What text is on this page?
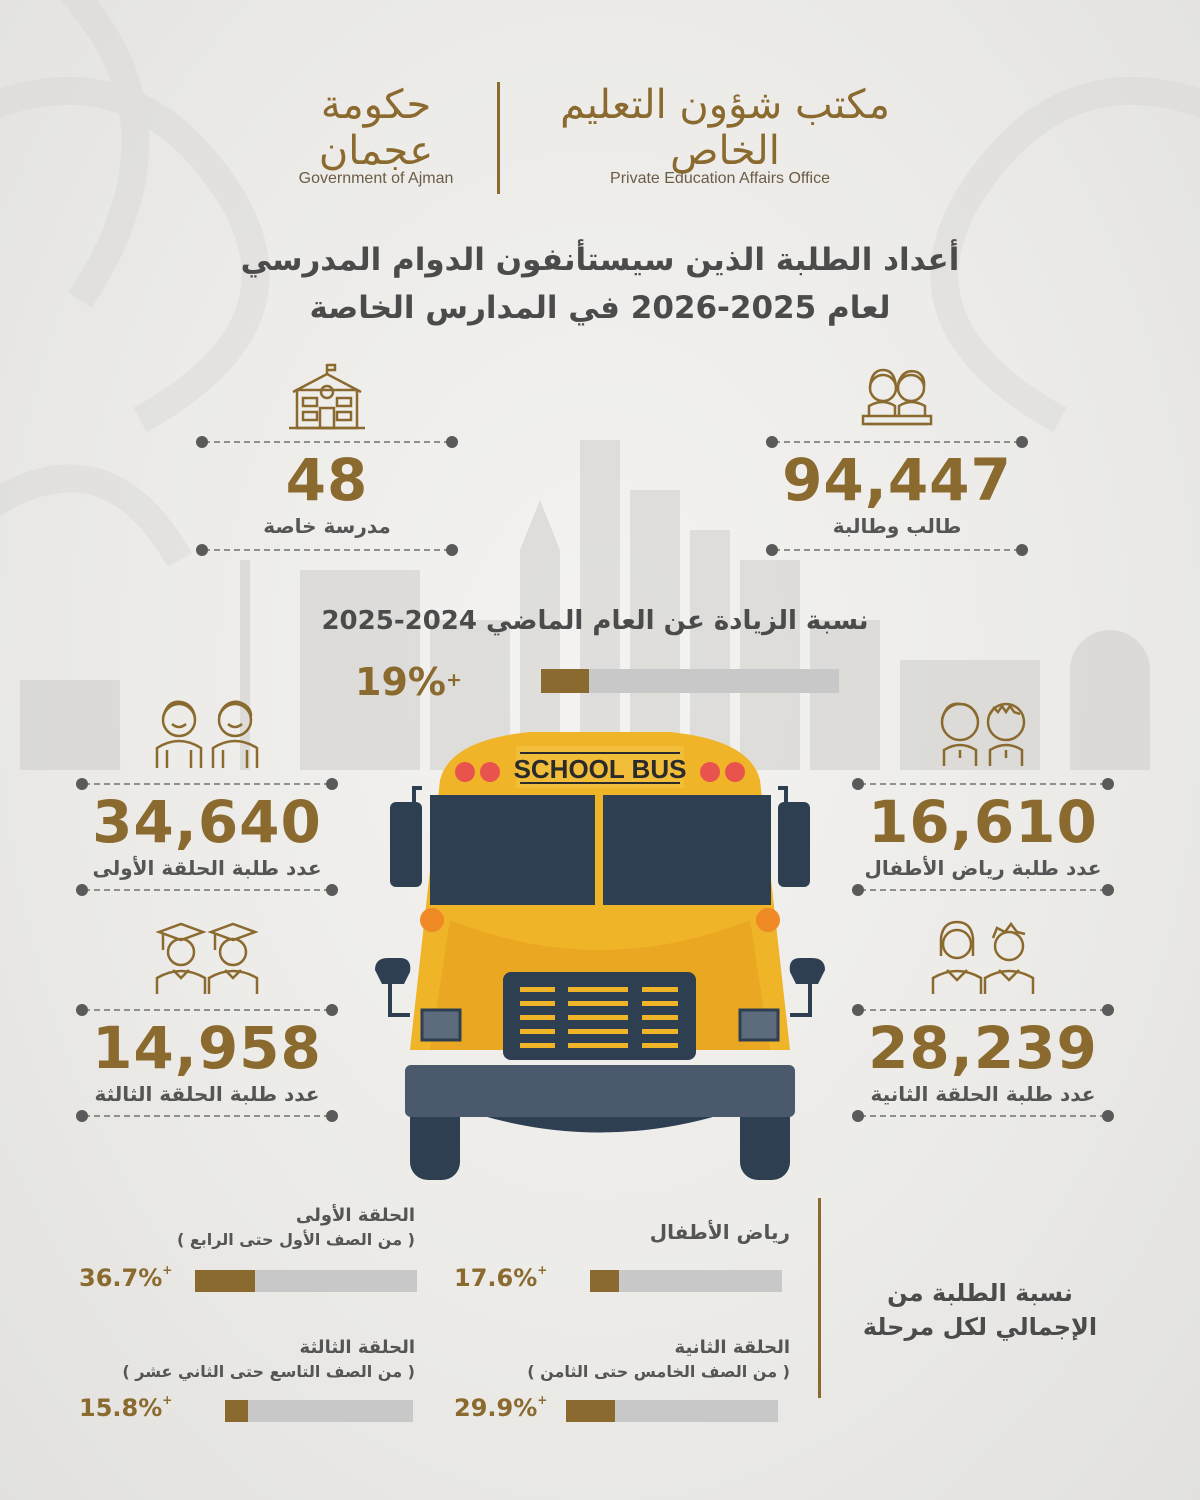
حكومة عجمان
Government of Ajman
مكتب شؤون التعليم الخاص
Private Education Affairs Office
أعداد الطلبة الذين سيستأنفون الدوام المدرسي
لعام 2025-2026 في المدارس الخاصة
48
مدرسة خاصة
94,447
طالب وطالبة
نسبة الزيادة عن العام الماضي 2024-2025
19%+
34,640
عدد طلبة الحلقة الأولى
16,610
عدد طلبة رياض الأطفال
14,958
عدد طلبة الحلقة الثالثة
28,239
عدد طلبة الحلقة الثانية
SCHOOL BUS
نسبة الطلبة من
الإجمالي لكل مرحلة
رياض الأطفال
17.6%+
الحلقة الأولى
( من الصف الأول حتى الرابع )
36.7%+
الحلقة الثانية
( من الصف الخامس حتى الثامن )
29.9%+
الحلقة الثالثة
( من الصف التاسع حتى الثاني عشر )
15.8%+
